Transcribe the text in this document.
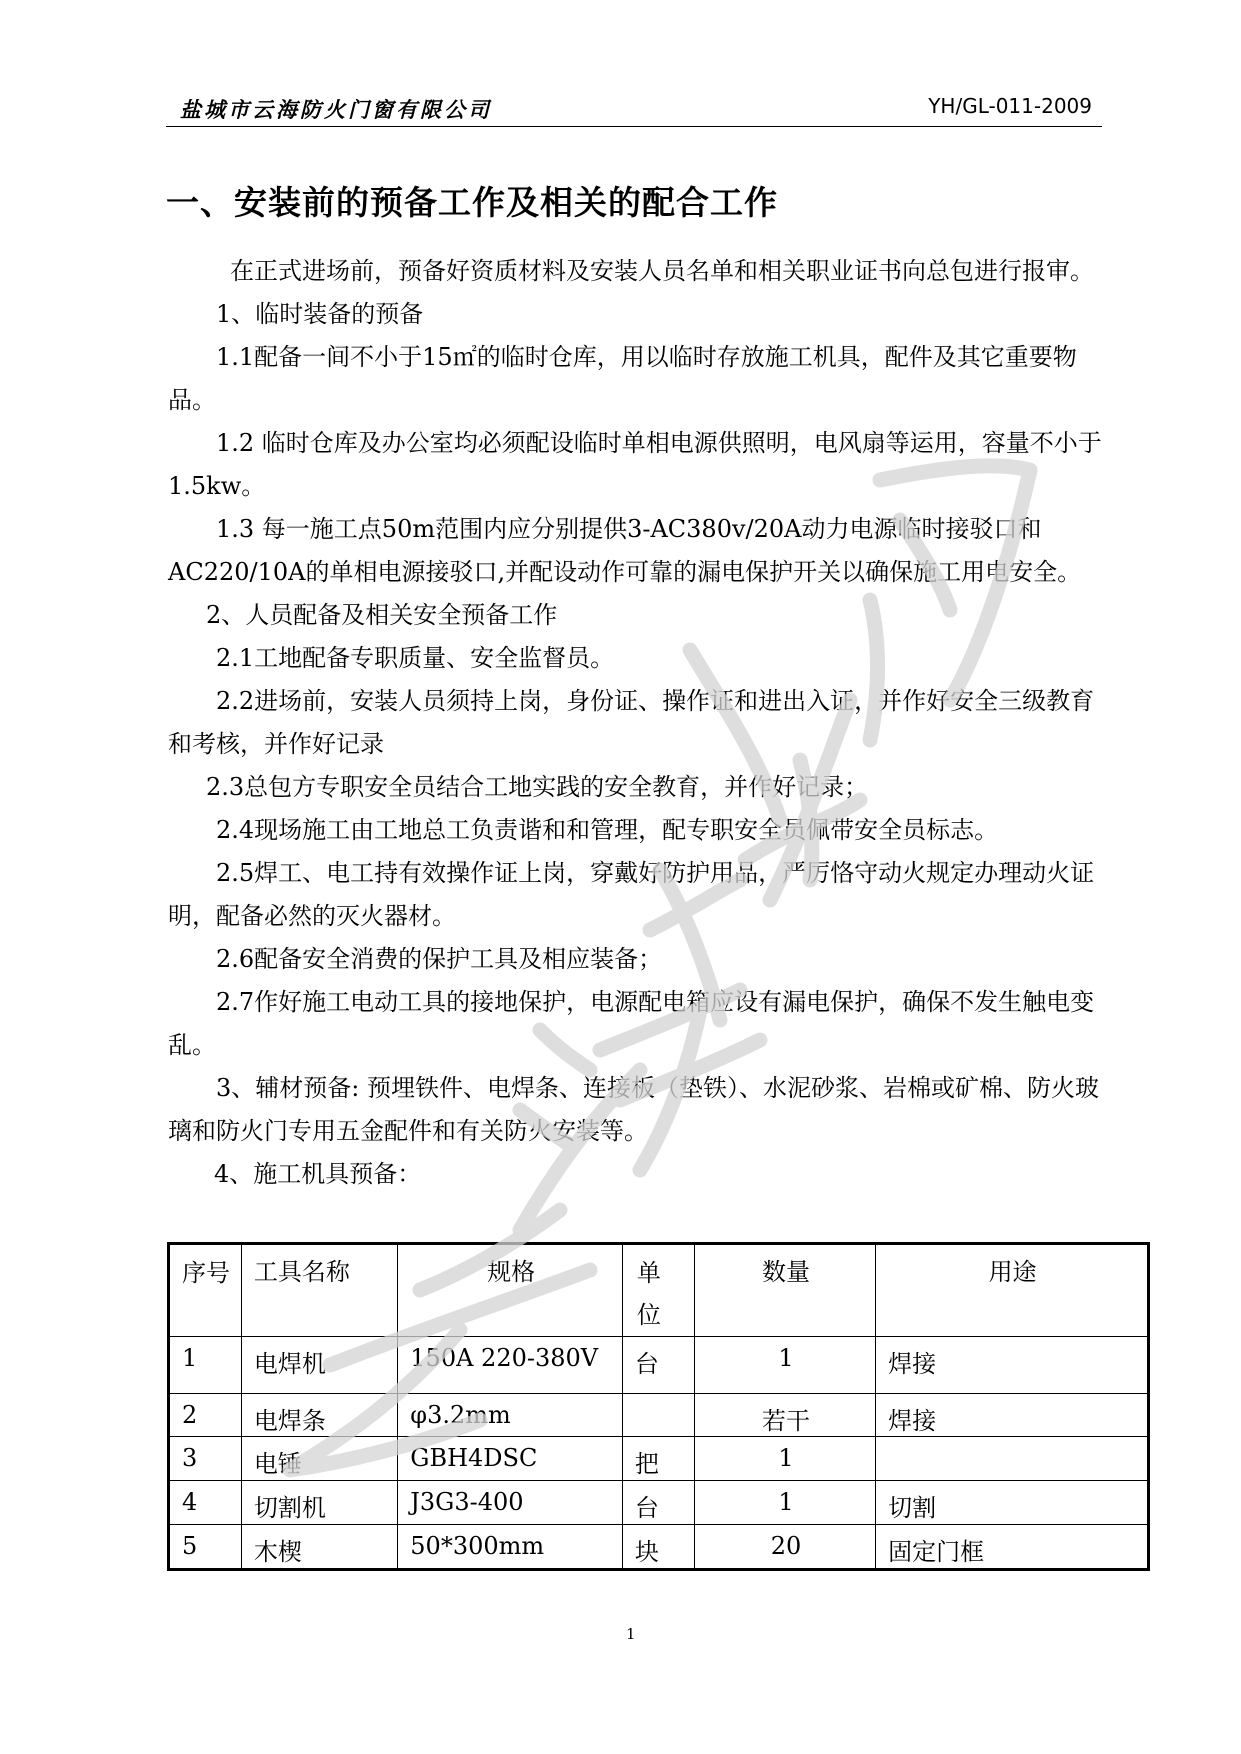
盐城市云海防火门窗有限公司	YH/GL-011-2009
一、安装前的预备工作及相关的配合工作

在正式进场前，预备好资质材料及安装人员名单和相关职业证书向总包进行报审。

1、临时装备的预备

1.1配备一间不小于15㎡的临时仓库，用以临时存放施工机具，配件及其它重要物品。

1.2 临时仓库及办公室均必须配设临时单相电源供照明，电风扇等运用，容量不小于1.5kw。

1.3 每一施工点50m范围内应分别提供3-AC380v/20A动力电源临时接驳口和AC220/10A的单相电源接驳口,并配设动作可靠的漏电保护开关以确保施工用电安全。

2、人员配备及相关安全预备工作

2.1工地配备专职质量、安全监督员。

2.2进场前，安装人员须持上岗，身份证、操作证和进出入证，并作好安全三级教育和考核，并作好记录

2.3总包方专职安全员结合工地实践的安全教育，并作好记录；

2.4现场施工由工地总工负责谐和和管理，配专职安全员佩带安全员标志。

2.5焊工、电工持有效操作证上岗，穿戴好防护用品，严厉恪守动火规定办理动火证明，配备必然的灭火器材。

2.6配备安全消费的保护工具及相应装备；

2.7作好施工电动工具的接地保护，电源配电箱应设有漏电保护，确保不发生触电变乱。

3、辅材预备: 预埋铁件、电焊条、连接板（垫铁）、水泥砂浆、岩棉或矿棉、防火玻璃和防火门专用五金配件和有关防火安装等。

4、施工机具预备：

序号	工具名称	规格	单位	数量	用途
1	电焊机	150A 220-380V	台	1	焊接
2	电焊条	φ3.2mm		若干	焊接
3	电锤	GBH4DSC	把	1	
4	切割机	J3G3-400	台	1	切割
5	木楔	50*300mm	块	20	固定门框
1
